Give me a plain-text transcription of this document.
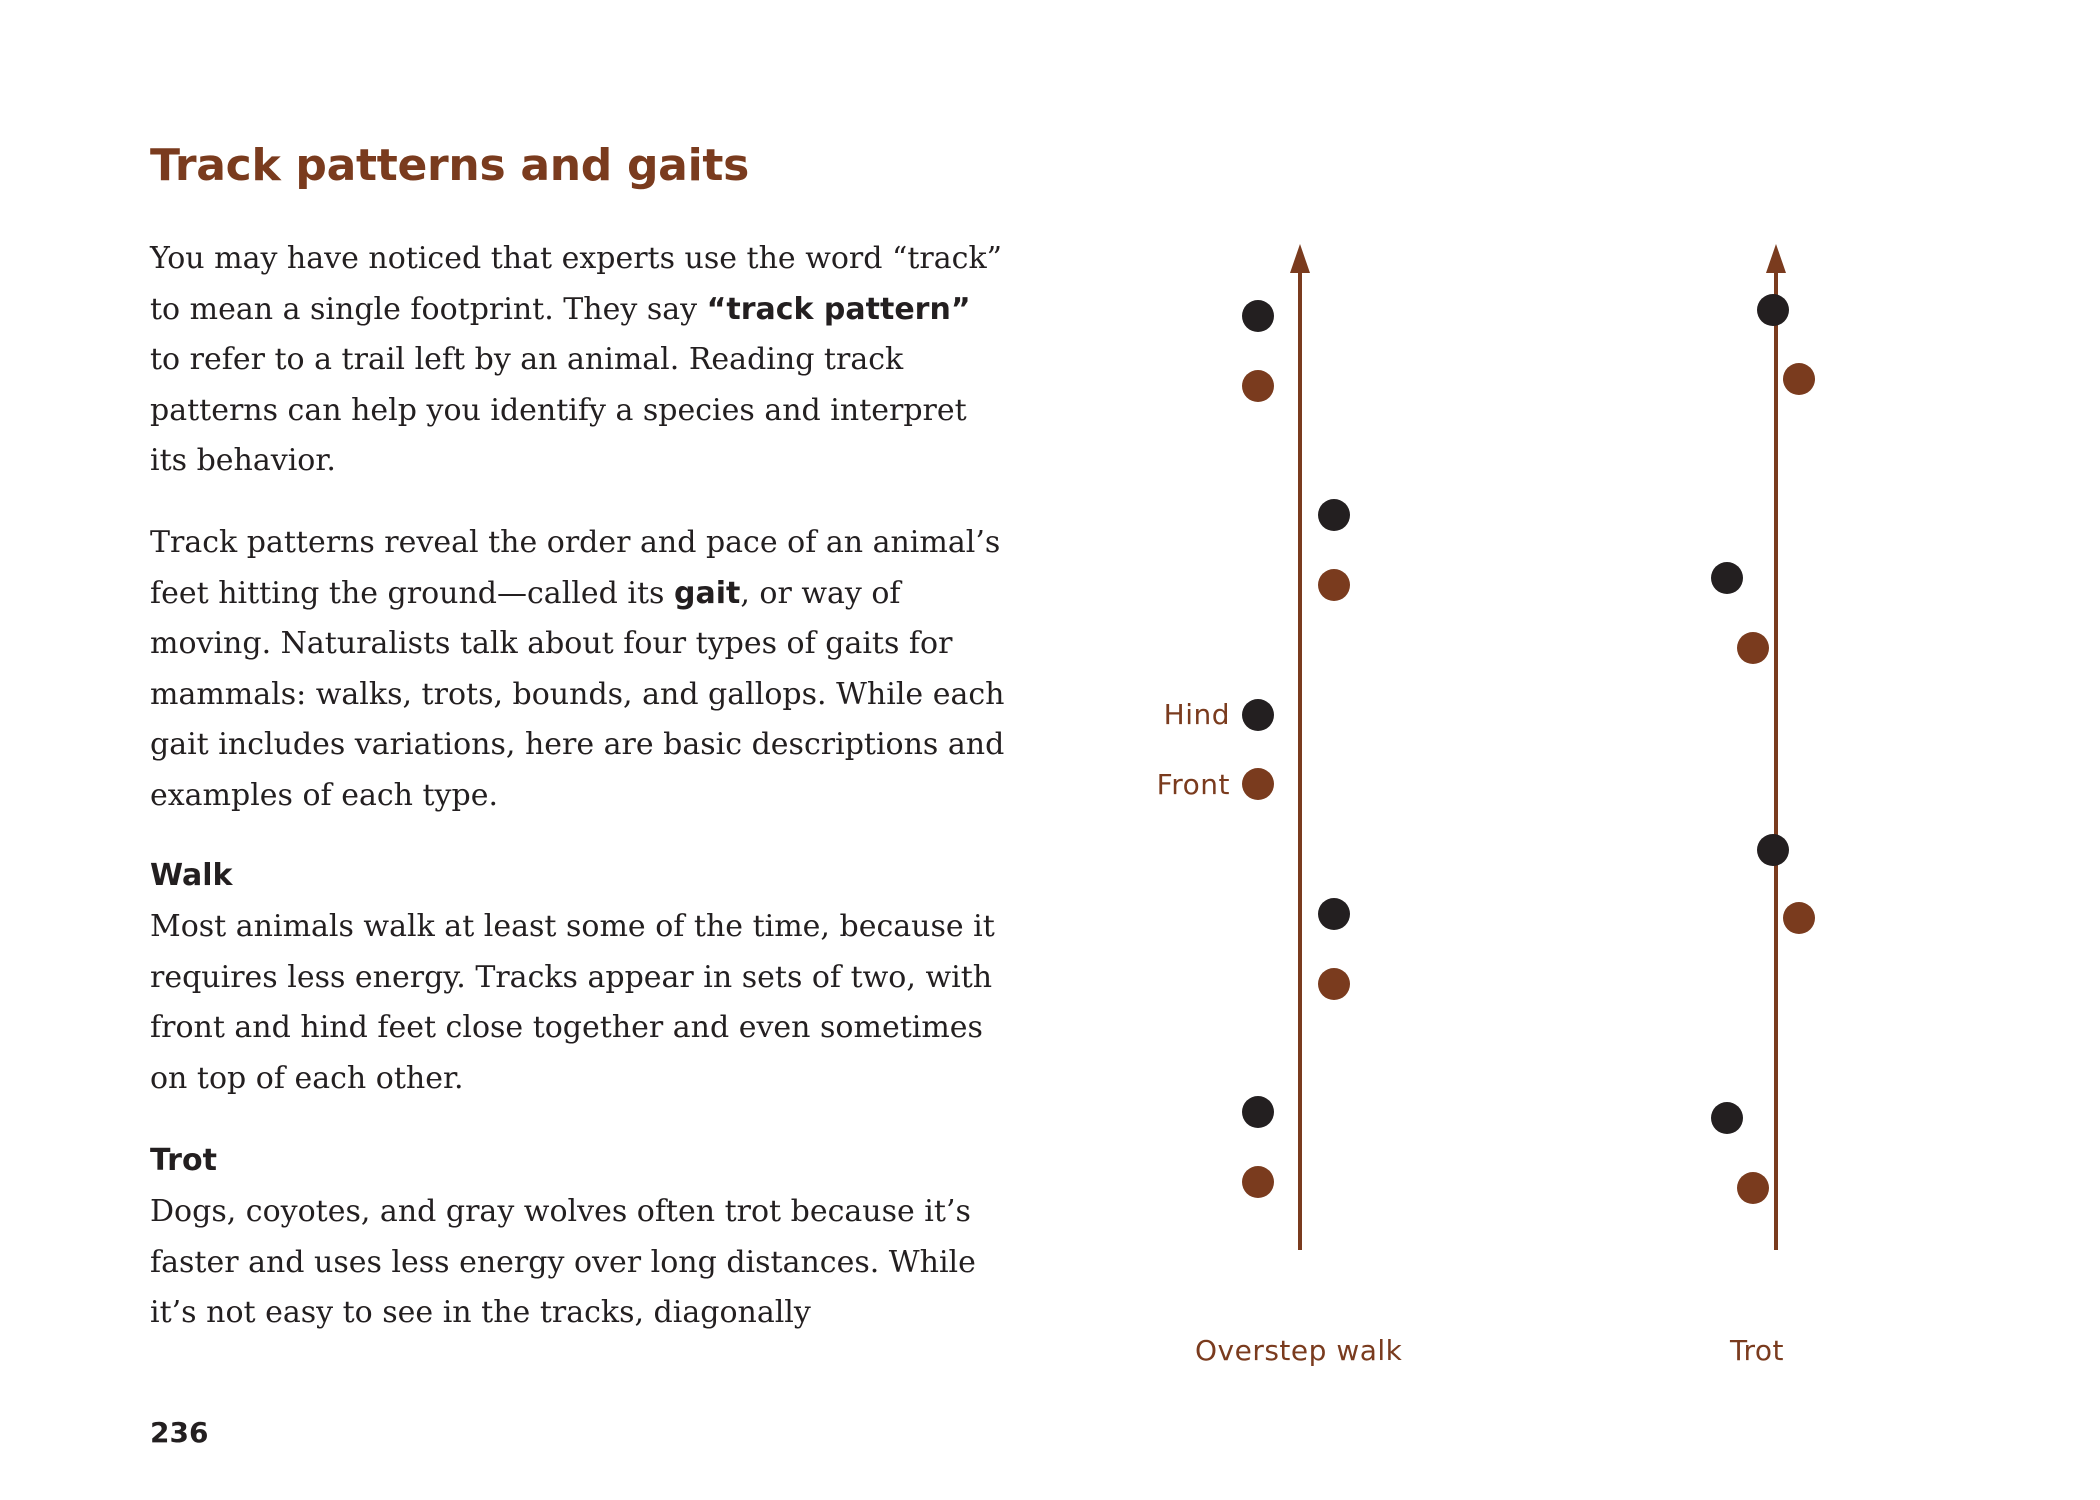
Track patterns and gaits

You may have noticed that experts use the word “track” to mean a single footprint. They say “track pattern” to refer to a trail left by an animal. Reading track patterns can help you identify a species and interpret its behavior.

Track patterns reveal the order and pace of an animal’s feet hitting the ground—called its gait, or way of moving. Naturalists talk about four types of gaits for mammals: walks, trots, bounds, and gallops. While each gait includes variations, here are basic descriptions and examples of each type.

Walk

Most animals walk at least some of the time, because it requires less energy. Tracks appear in sets of two, with front and hind feet close together and even sometimes on top of each other.

Trot

Dogs, coyotes, and gray wolves often trot because it’s faster and uses less energy over long distances. While it’s not easy to see in the tracks, diagonally

236
Hind
Front
Overstep walk	Trot
